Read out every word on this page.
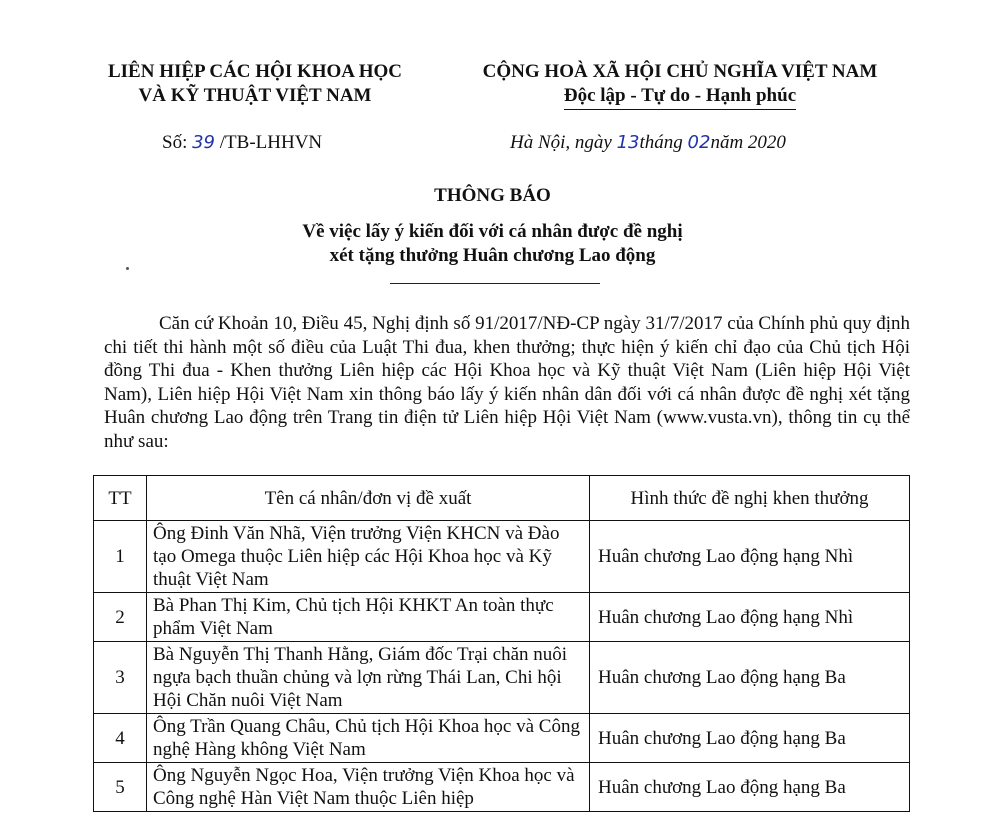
LIÊN HIỆP CÁC HỘI KHOA HỌC
VÀ KỸ THUẬT VIỆT NAM
CỘNG HOÀ XÃ HỘI CHỦ NGHĨA VIỆT NAM
Độc lập - Tự do - Hạnh phúc
Số: 39 /TB-LHHVN	Hà Nội, ngày 13tháng 02năm 2020
THÔNG BÁO
Về việc lấy ý kiến đối với cá nhân được đề nghị
xét tặng thưởng Huân chương Lao động
Căn cứ Khoản 10, Điều 45, Nghị định số 91/2017/NĐ-CP ngày 31/7/2017 của Chính phủ quy định chi tiết thi hành một số điều của Luật Thi đua, khen thưởng; thực hiện ý kiến chỉ đạo của Chủ tịch Hội đồng Thi đua - Khen thưởng Liên hiệp các Hội Khoa học và Kỹ thuật Việt Nam (Liên hiệp Hội Việt Nam), Liên hiệp Hội Việt Nam xin thông báo lấy ý kiến nhân dân đối với cá nhân được đề nghị xét tặng Huân chương Lao động trên Trang tin điện tử Liên hiệp Hội Việt Nam (www.vusta.vn), thông tin cụ thể như sau:
TT	Tên cá nhân/đơn vị đề xuất	Hình thức đề nghị khen thưởng
1	Ông Đinh Văn Nhã, Viện trưởng Viện KHCN và Đào tạo Omega thuộc Liên hiệp các Hội Khoa học và Kỹ thuật Việt Nam	Huân chương Lao động hạng Nhì
2	Bà Phan Thị Kim, Chủ tịch Hội KHKT An toàn thực phẩm Việt Nam	Huân chương Lao động hạng Nhì
3	Bà Nguyễn Thị Thanh Hằng, Giám đốc Trại chăn nuôi ngựa bạch thuần chủng và lợn rừng Thái Lan, Chi hội Hội Chăn nuôi Việt Nam	Huân chương Lao động hạng Ba
4	Ông Trần Quang Châu, Chủ tịch Hội Khoa học và Công nghệ Hàng không Việt Nam	Huân chương Lao động hạng Ba
5	Ông Nguyễn Ngọc Hoa, Viện trưởng Viện Khoa học và Công nghệ Hàn Việt Nam thuộc Liên hiệp	Huân chương Lao động hạng Ba
